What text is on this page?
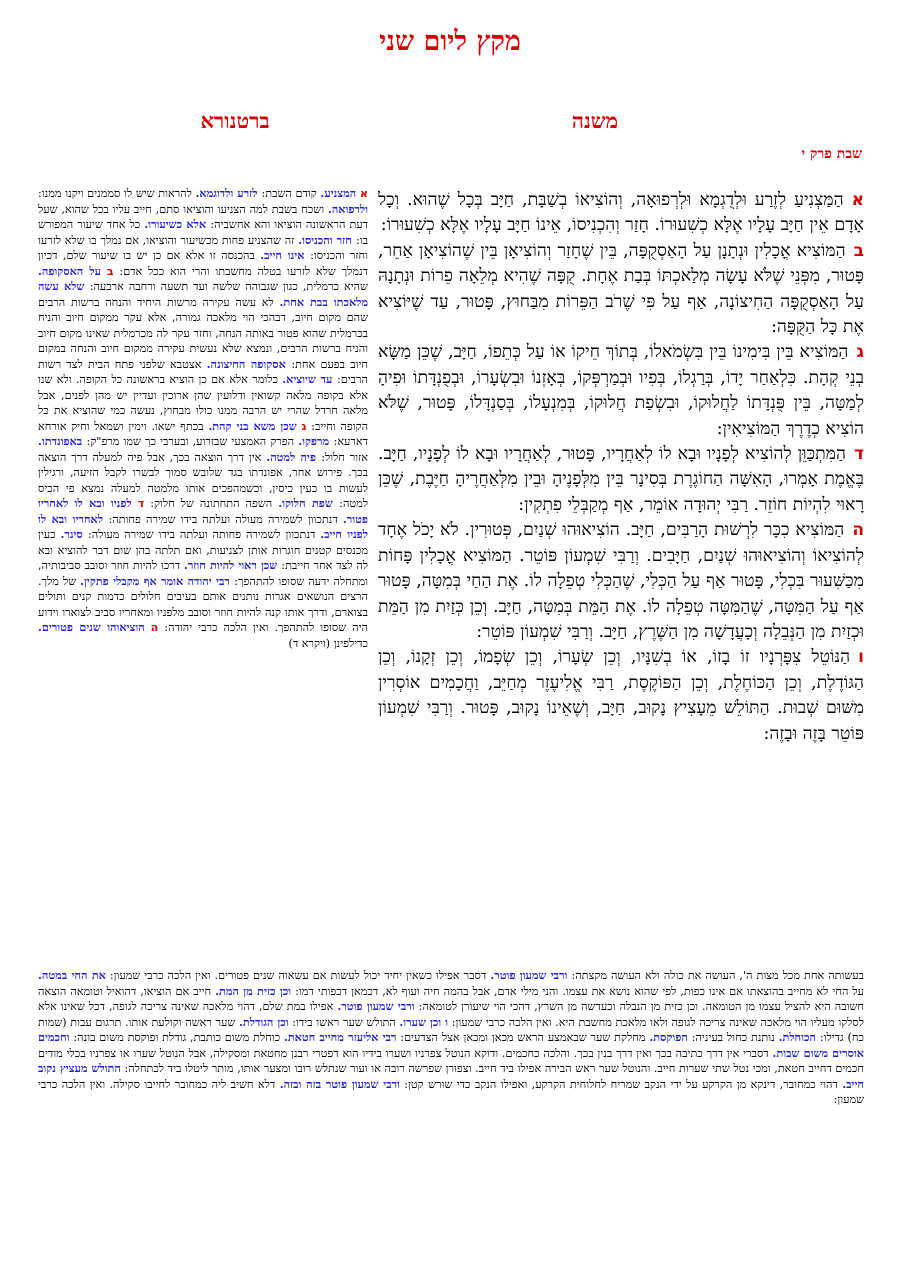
מקץ ליום שני
משנה
ברטנורא
שבת פרק י

אהַמַּצְנִיעַ לְזֶרַע וּלְדֻגְמָא וּלְרְפוּאָה, וְהוֹצִיאוֹ בְשַׁבָּת, חַיָּב בְּכָל שֶׁהוּא. וְכָל אָדָם אֵין חַיָּב עָלָיו אֶלָּא כְשִׁעוּרוֹ. חָזַר וְהִכְנִיסוֹ, אֵינוֹ חַיָּב עָלָיו אֶלָּא כְשִׁעוּרוֹ:

בהַמּוֹצִיא אֳכָלִין וּנְתָנָן עַל הָאַסְקֻפָּה, בֵּין שֶׁחָזַר וְהוֹצִיאָן בֵּין שֶׁהוֹצִיאָן אַחֵר, פָּטוּר, מִפְּנֵי שֶׁלֹּא עָשָׂה מְלַאכְתּוֹ בְּבַת אֶחָת. קֻפָּה שֶׁהִיא מְלֵאָה פֵרוֹת וּנְתָנָהּ עַל הָאַסְקֻפָּה הַחִיצוֹנָה, אַף עַל פִּי שֶׁרֹב הַפֵּרוֹת מִבַּחוּץ, פָּטוּר, עַד שֶׁיּוֹצִיא אֶת כָּל הַקֻּפָּה:

גהַמּוֹצִיא בֵּין בִּימִינוֹ בֵּין בִּשְׂמֹאלוֹ, בְּתוֹךְ חֵיקוֹ אוֹ עַל כְּתֵפוֹ, חַיָּב, שֶׁכֵּן מַשָּׂא בְנֵי קְהָת. כִּלְאַחַר יָדוֹ, בְּרַגְלוֹ, בְּפִיו וּבְמַרְפְּקוֹ, בְּאָזְנוֹ וּבִשְׂעָרוֹ, וּבְפֻנְדָּתוֹ וּפִיהָ לְמַטָּה, בֵּין פֻּנְדָּתוֹ לַחֲלוּקוֹ, וּבִשְׂפַת חֲלוּקוֹ, בְּמִנְעָלוֹ, בְּסַנְדָּלוֹ, פָּטוּר, שֶׁלֹּא הוֹצִיא כְדֶרֶךְ הַמּוֹצִיאִין:

דהַמִּתְכַּוֵּן לְהוֹצִיא לְפָנָיו וּבָא לוֹ לְאַחֲרָיו, פָּטוּר, לְאַחֲרָיו וּבָא לוֹ לְפָנָיו, חַיָּב. בֶּאֱמֶת אָמְרוּ, הָאִשָּׁה הַחוֹגֶרֶת בְּסִינָר בֵּין מִלְּפָנֶיהָ וּבֵין מִלְּאַחֲרֶיהָ חַיֶּבֶת, שֶׁכֵּן רָאוּי לִהְיוֹת חוֹזֵר. רַבִּי יְהוּדָה אוֹמֵר, אַף מְקַבְּלֵי פִתְקִין:

ההַמּוֹצִיא כִכָּר לִרְשׁוּת הָרַבִּים, חַיָּב. הוֹצִיאוּהוּ שְׁנַיִם, פְּטוּרִין. לֹא יָכֹל אֶחָד לְהוֹצִיאוֹ וְהוֹצִיאוּהוּ שְׁנַיִם, חַיָּבִים. וְרַבִּי שִׁמְעוֹן פּוֹטֵר. הַמּוֹצִיא אֳכָלִין פָּחוֹת מִכַּשִּׁעוּר בִּכְלִי, פָּטוּר אַף עַל הַכְּלִי, שֶׁהַכְּלִי טְפֵלָה לוֹ. אֶת הַחַי בְּמִטָּה, פָּטוּר אַף עַל הַמִּטָּה, שֶׁהַמִּטָּה טְפֵלָה לוֹ. אֶת הַמֵּת בְּמִטָּה, חַיָּב. וְכֵן כְּזַיִת מִן הַמֵּת וּכְזַיִת מִן הַנְּבֵלָה וְכָעֲדָשָׁה מִן הַשֶּׁרֶץ, חַיָּב. וְרַבִּי שִׁמְעוֹן פּוֹטֵר:

והַנּוֹטֵל צִפָּרְנָיו זוֹ בָזוֹ, אוֹ בְשִׁנָּיו, וְכֵן שְׂעָרוֹ, וְכֵן שְׂפָמוֹ, וְכֵן זְקָנוֹ, וְכֵן הַגּוֹדֶלֶת, וְכֵן הַכּוֹחֶלֶת, וְכֵן הַפּוֹקֶסֶת, רַבִּי אֱלִיעֶזֶר מְחַיֵּב, וַחֲכָמִים אוֹסְרִין מִשּׁוּם שְׁבוּת. הַתּוֹלֵשׁ מֵעָצִיץ נָקוּב, חַיָּב, וְשֶׁאֵינוֹ נָקוּב, פָּטוּר. וְרַבִּי שִׁמְעוֹן פּוֹטֵר בָּזֶה וּבָזֶה:

א המצניע. קודם השבת: לזרע ולדוגמא. להראות שיש לו סממנים ויקנו ממנו: ולרפואה. ושכח בשבת למה הצניעו והוציאו סתם, חייב עליו בכל שהוא, שעל דעת הראשונה הוציאו והא אחשביה: אלא כשיעורו. כל אחד שיעור המפורש בו: חזר והכניסו. זה שהצניע פחות מכשיעור והוציאו, אם נמלך בו שלא לזרעו וחזר והכניסו: אינו חייב. בהכנסה זו אלא אם כן יש בו שיעור שלם, דכיון דנמלך שלא לזרעו בטלה מחשבתו והרי הוא ככל אדם:

ב על האסקופה. שהיא כרמלית, כגון שגבוהה שלשה ועד תשעה ורחבה ארבעה: שלא עשה מלאכתו בבת אחת. לא עשה עקירה מרשות היחיד והנחה ברשות הרבים שהם מקום חיוב, דבהכי הוי מלאכה גמורה, אלא עקר ממקום חיוב והניח בכרמלית שהוא פטור באותה הנחה, וחזר עקר לה מכרמלית שאינו מקום חיוב והניח ברשות הרבים, ונמצא שלא נעשית עקירה ממקום חיוב והנחה במקום חיוב בפעם אחת: אסקופה החיצונה. אצטבא שלפני פתח הבית לצד רשות הרבים: עד שיוציא. כלומר אלא אם כן הוציא בראשונה כל הקופה. ולא שנו אלא בקופה מלאה קשואין ודלועין שהן ארוכין ועדיין יש מהן לפנים, אבל מלאה חרדל שהרי יש הרבה ממנו כולו מבחוץ, נעשה כמי שהוציא את כל הקופה וחייב:

ג שכן משא בני קהת. בכתף ישאו. וימין ושמאל וחיק אורחא דארעא: מרפקו. הפרק האמצעי שבזרוע, ובערבי כך שמו מרפ"ק: באפונדתו. אזור חלול: פיה למטה. אין דרך הוצאה בכך, אבל פיה למעלה דרך הוצאה בכך. פירוש אחר, אפונדתו בגד שלובש סמוך לבשרו לקבל הזיעה, ורגילין לעשות בו כעין כיסין, וכשמהפכים אותו מלמטה למעלה נמצא פי הכיס למטה: שפת חלוקו. השפה התחתונה של חלוק:

ד לפניו ובא לו לאחריו פטור. דנתכוון לשמירה מעולה ועלתה בידו שמירה פחותה: לאחריו ובא לו לפניו חייב. דנתכוון לשמירה פחותה ועלתה בידו שמירה מעולה: סינר. כעין מכנסים קטנים חוגרות אותן לצניעות, ואם תלתה בהן שום דבר להוציא ובא לה לצד אחר חייבת: שכן ראוי להיות חוזר. דרכו להיות חוזר וסובב סביבותיה, ומתחלה ידעה שסופו להתהפך: רבי יהודה אומר אף מקבלי פתקין. של מלך. הרצים הנושאים אגרות נותנים אותם בעיבים חלולים כדמות קנים ותולים בצוארם, ודרך אותו קנה להיות חוזר וסובב מלפניו ומאחריו סביב לצוארו וידוע היה שסופו להתהפך. ואין הלכה כרבי יהודה:

ה הוציאוהו שנים פטורים. כדילפינן (ויקרא ד)

בעשותה אחת מכל מצות ה', העושה את כולה ולא העושה מקצתה:

ורבי שמעון פוטר. דסבר אפילו כשאין יחיד יכול לעשות אם עשאוה שנים פטורים. ואין הלכה כרבי שמעון:

את החי במטה. על החי לא מחייב בהוצאתו אם אינו כפות, לפי שהוא נושא את עצמו. והני מילי אדם, אבל בהמה חיה ועוף לא, דכמאן דכפותי דמו:

וכן כזית מן המת. חייב אם הוציאו, דהואיל וטומאה הוצאה חשובה היא להציל עצמו מן הטומאה. וכן כזית מן הנבלה וכעדשה מן השרץ, דהכי הוי שיעורן לטומאה:

ורבי שמעון פוטר. אפילו במת שלם, דהוי מלאכה שאינה צריכה לגופה, דכל שאינו אלא לסלקו מעליו הוי מלאכה שאינה צריכה לגופה ולאו מלאכת מחשבת היא. ואין הלכה כרבי שמעון:

ו וכן שערו. התולש שער ראשו בידו:

וכן הגודלת. שער ראשה וקולעת אותו. תרגום עבות (שמות כח) גדילו:

הכוחלת. נותנת כחול בעיניה:

הפוקסת. מחלקת שער שבאמצע הראש מכאן ומכאן אצל הצדעים:

רבי אליעזר מחייב חטאת. כוחלת משום כותבת, גודלת ופוקסת משום בונה:

וחכמים אוסרים משום שבות. דסברי אין דרך כתיבה בכך ואין דרך בנין בכך. והלכה כחכמים. ודוקא הנוטל צפרניו ושערו בידיו הוא דפטרי רבנן מחטאת ומסקילה, אבל הנוטל שערו או צפרניו בכלי מודים חכמים דחייב חטאת, ומכי נטל שתי שערות חייב. והנוטל שער ראש הבירה אפילו ביד חייב. וצפורן שפרשה רובה או ועור שנתלש רובו ומצער אותו, מותר ליטלו ביד לכתחלה:

התולש מעציץ נקוב חייב. דהוי כמחובר, דינקא מן הקרקע על ידי הנקב שמריח לחלוחית הקרקע, ואפילו הנקב כדי שורש קטן:

ורבי שמעון פוטר בזה ובזה. דלא חשיב ליה כמחובר לחייבו סקילה. ואין הלכה כרבי שמעון:
